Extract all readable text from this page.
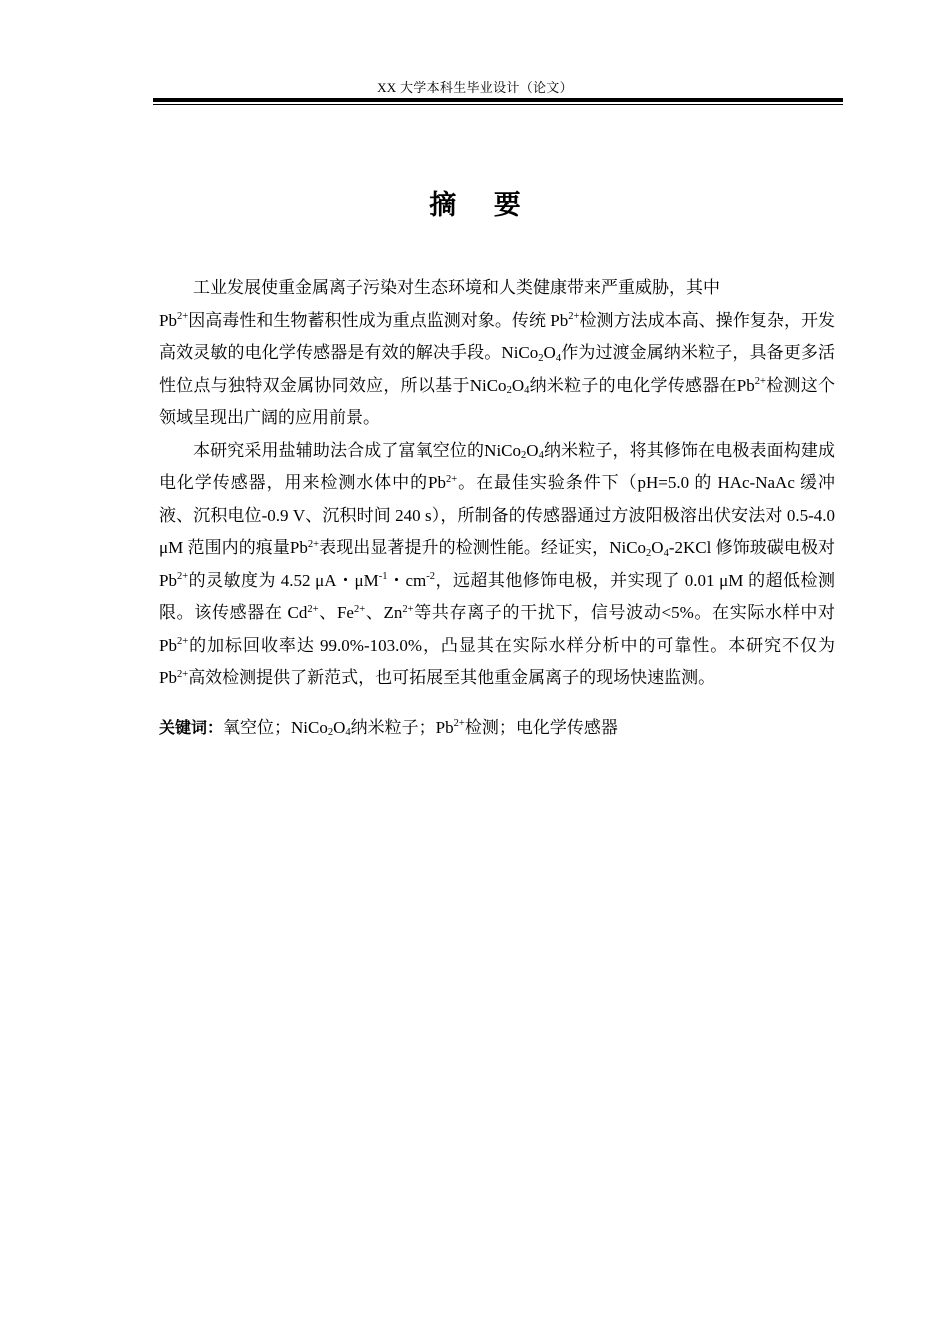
XX 大学本科生毕业设计（论文）
摘 要

工业发展使重金属离子污染对生态环境和人类健康带来严重威胁，其中
$Pb^{2+}$因高毒性和生物蓄积性成为重点监测对象。传统 $Pb^{2+}$检测方法成本高、操作复杂，开发高效灵敏的电化学传感器是有效的解决手段。$NiCo_2O_4$作为过渡金属纳米粒子，具备更多活性位点与独特双金属协同效应，所以基于$NiCo_2O_4$纳米粒子的电化学传感器在$Pb^{2+}$检测这个领域呈现出广阔的应用前景。

本研究采用盐辅助法合成了富氧空位的$NiCo_2O_4$纳米粒子，将其修饰在电极表面构建成电化学传感器，用来检测水体中的$Pb^{2+}$。在最佳实验条件下（pH=5.0 的 HAc-NaAc 缓冲液、沉积电位-0.9 V、沉积时间 240 s），所制备的传感器通过方波阳极溶出伏安法对 0.5-4.0 μM 范围内的痕量$Pb^{2+}$表现出显著提升的检测性能。经证实，$NiCo_2O_4-2KCl$ 修饰玻碳电极对$Pb^{2+}$的灵敏度为 4.52 μA・$\mu M^{-1}$・$cm^{-2}$，远超其他修饰电极，并实现了 0.01 μM 的超低检测限。该传感器在 $Cd^{2+}$、$Fe^{2+}$、$Zn^{2+}$等共存离子的干扰下，信号波动<5%。在实际水样中对$Pb^{2+}$的加标回收率达 99.0%-103.0%，凸显其在实际水样分析中的可靠性。本研究不仅为$Pb^{2+}$高效检测提供了新范式，也可拓展至其他重金属离子的现场快速监测。

关键词：氧空位；$NiCo_2O_4$纳米粒子；$Pb^{2+}$检测；电化学传感器
